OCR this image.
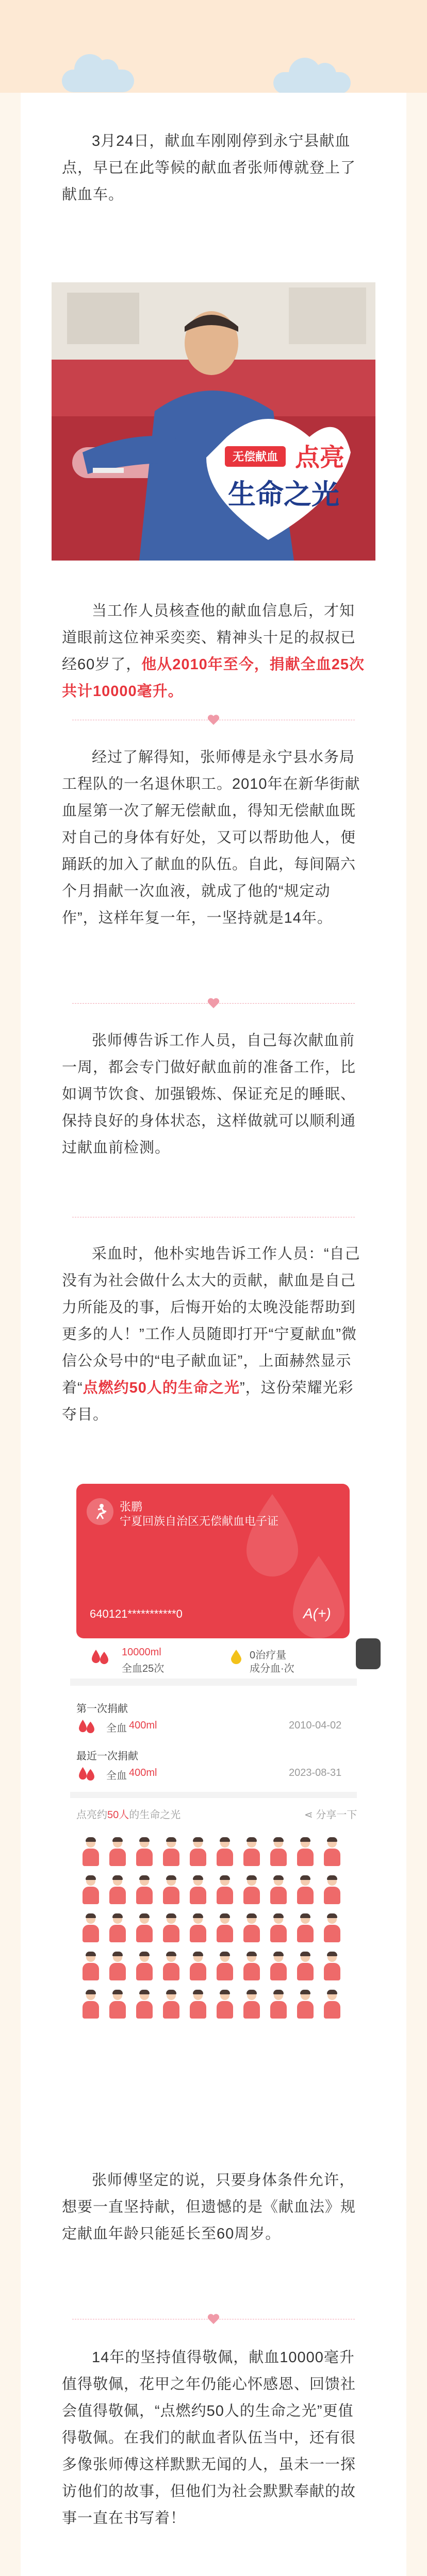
3月24日，献血车刚刚停到永宁县献血点，早已在此等候的献血者张师傅就登上了献血车。

无偿献血 点亮
生命之光

当工作人员核查他的献血信息后，才知道眼前这位神采奕奕、精神头十足的叔叔已经60岁了，他从2010年至今，捐献全血25次共计10000毫升。

经过了解得知，张师傅是永宁县水务局工程队的一名退休职工。2010年在新华街献血屋第一次了解无偿献血，得知无偿献血既对自己的身体有好处，又可以帮助他人，便踊跃的加入了献血的队伍。自此，每间隔六个月捐献一次血液，就成了他的“规定动作”，这样年复一年，一坚持就是14年。

张师傅告诉工作人员，自己每次献血前一周，都会专门做好献血前的准备工作，比如调节饮食、加强锻炼、保证充足的睡眠、保持良好的身体状态，这样做就可以顺利通过献血前检测。

采血时，他朴实地告诉工作人员：“自己没有为社会做什么太大的贡献，献血是自己力所能及的事，后悔开始的太晚没能帮助到更多的人！”工作人员随即打开“宁夏献血”微信公众号中的“电子献血证”，上面赫然显示着“点燃约50人的生命之光”，这份荣耀光彩夺目。

张鹏
宁夏回族自治区无偿献血电子证
640121***********0	A(+)
10000ml
全血25次
0治疗量
成分血·次
第一次捐献
全血 400ml	2010-04-02
最近一次捐献
全血 400ml	2023-08-31
点亮约50人的生命之光	⋖ 分享一下

张师傅坚定的说，只要身体条件允许，想要一直坚持献，但遗憾的是《献血法》规定献血年龄只能延长至60周岁。

14年的坚持值得敬佩，献血10000毫升值得敬佩，花甲之年仍能心怀感恩、回馈社会值得敬佩，“点燃约50人的生命之光”更值得敬佩。在我们的献血者队伍当中，还有很多像张师傅这样默默无闻的人，虽未一一探访他们的故事，但他们为社会默默奉献的故事一直在书写着！
